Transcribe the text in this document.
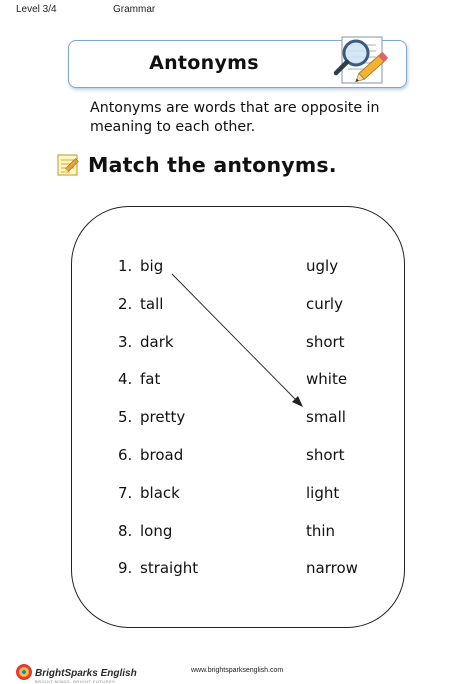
Level 3/4	Grammar
Antonyms
Antonyms are words that are opposite in meaning to each other.
Match the antonyms.
1. big	ugly
2. tall	curly
3. dark	short
4. fat	white
5. pretty	small
6. broad	short
7. black	light
8. long	thin
9. straight	narrow
BrightSparks English
BRIGHT MINDS, BRIGHT FUTURES
www.brightsparksenglish.com
